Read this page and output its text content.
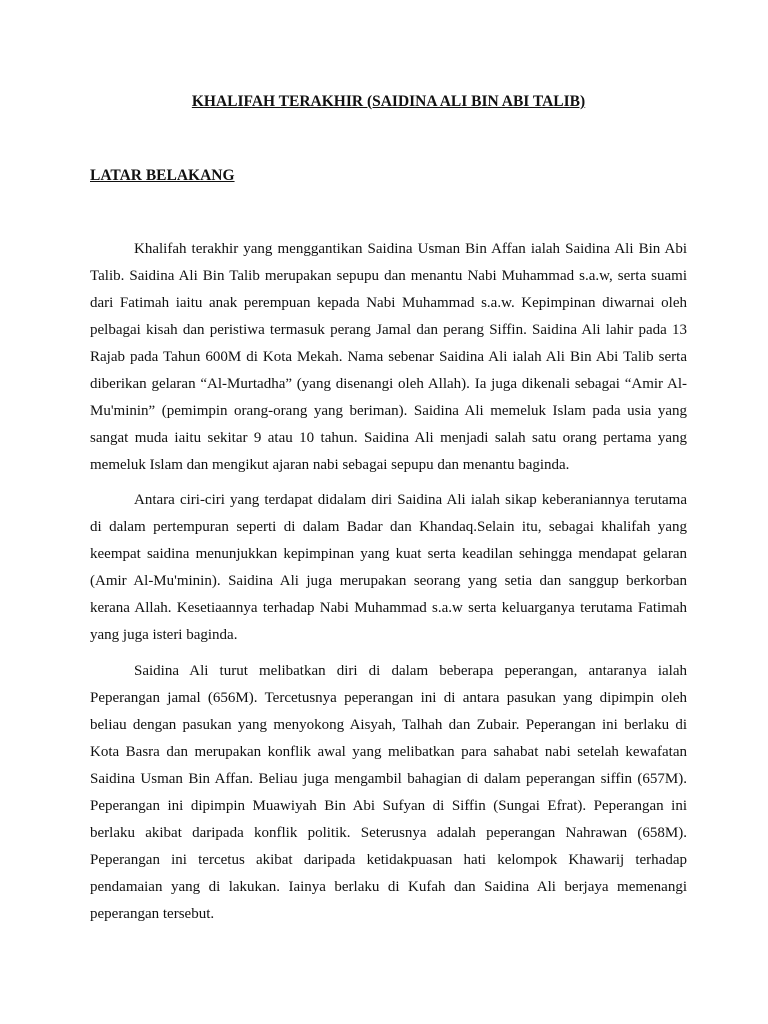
KHALIFAH TERAKHIR (SAIDINA ALI BIN ABI TALIB)
LATAR BELAKANG

Khalifah terakhir yang menggantikan Saidina Usman Bin Affan ialah Saidina Ali Bin Abi Talib. Saidina Ali Bin Talib merupakan sepupu dan menantu Nabi Muhammad s.a.w, serta suami dari Fatimah iaitu anak perempuan kepada Nabi Muhammad s.a.w. Kepimpinan diwarnai oleh pelbagai kisah dan peristiwa termasuk perang Jamal dan perang Siffin. Saidina Ali lahir pada 13 Rajab pada Tahun 600M di Kota Mekah. Nama sebenar Saidina Ali ialah Ali Bin Abi Talib serta diberikan gelaran “Al-Murtadha” (yang disenangi oleh Allah). Ia juga dikenali sebagai “Amir Al-Mu'minin” (pemimpin orang-orang yang beriman). Saidina Ali memeluk Islam pada usia yang sangat muda iaitu sekitar 9 atau 10 tahun. Saidina Ali menjadi salah satu orang pertama yang memeluk Islam dan mengikut ajaran nabi sebagai sepupu dan menantu baginda.

Antara ciri-ciri yang terdapat didalam diri Saidina Ali ialah sikap keberaniannya terutama di dalam pertempuran seperti di dalam Badar dan Khandaq.Selain itu, sebagai khalifah yang keempat saidina menunjukkan kepimpinan yang kuat serta keadilan sehingga mendapat gelaran (Amir Al-Mu'minin). Saidina Ali juga merupakan seorang yang setia dan sanggup berkorban kerana Allah. Kesetiaannya terhadap Nabi Muhammad s.a.w serta keluarganya terutama Fatimah yang juga isteri baginda.

Saidina Ali turut melibatkan diri di dalam beberapa peperangan, antaranya ialah Peperangan jamal (656M). Tercetusnya peperangan ini di antara pasukan yang dipimpin oleh beliau dengan pasukan yang menyokong Aisyah, Talhah dan Zubair. Peperangan ini berlaku di Kota Basra dan merupakan konflik awal yang melibatkan para sahabat nabi setelah kewafatan Saidina Usman Bin Affan. Beliau juga mengambil bahagian di dalam peperangan siffin (657M). Peperangan ini dipimpin Muawiyah Bin Abi Sufyan di Siffin (Sungai Efrat). Peperangan ini berlaku akibat daripada konflik politik. Seterusnya adalah peperangan Nahrawan (658M). Peperangan ini tercetus akibat daripada ketidakpuasan hati kelompok Khawarij terhadap pendamaian yang di lakukan. Iainya berlaku di Kufah dan Saidina Ali berjaya memenangi peperangan tersebut.
